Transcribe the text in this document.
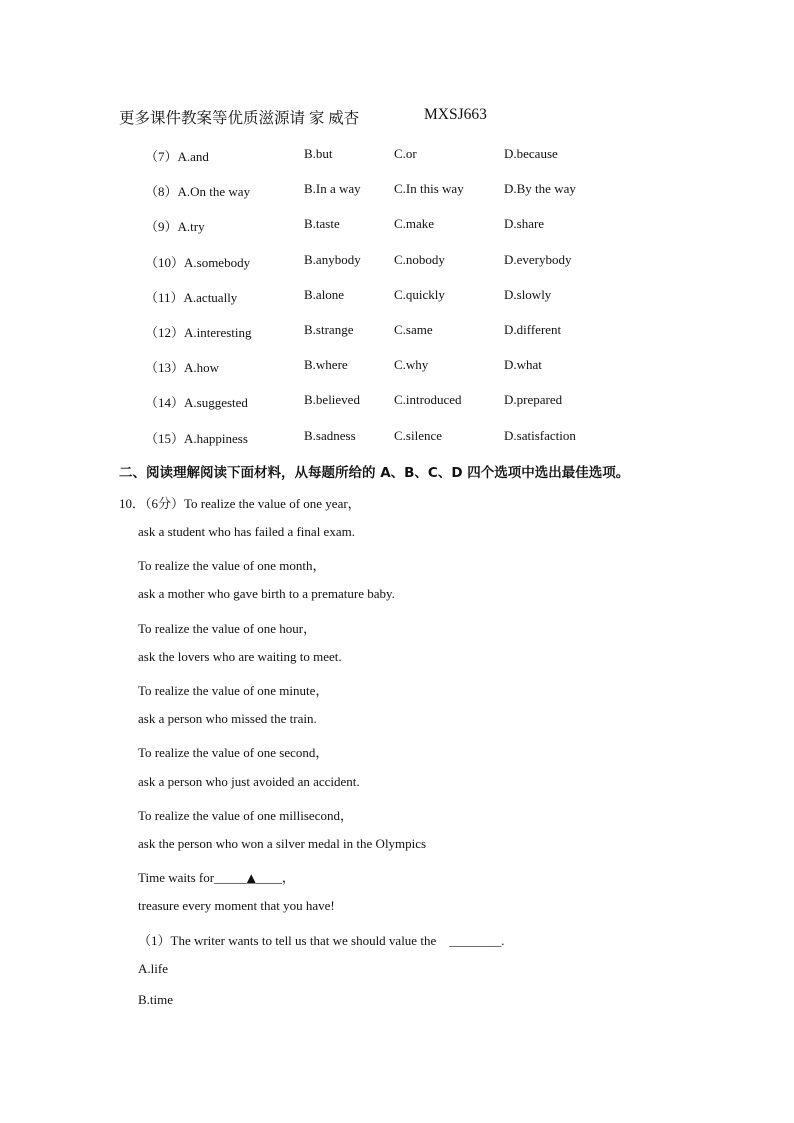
更多课件教案等优质滋源请 家 威杏	MXSJ663
（7）A.and	B.but	C.or	D.because
（8）A.On the way	B.In a way	C.In this way	D.By the way
（9）A.try	B.taste	C.make	D.share
（10）A.somebody	B.anybody	C.nobody	D.everybody
（11）A.actually	B.alone	C.quickly	D.slowly
（12）A.interesting	B.strange	C.same	D.different
（13）A.how	B.where	C.why	D.what
（14）A.suggested	B.believed	C.introduced	D.prepared
（15）A.happiness	B.sadness	C.silence	D.satisfaction
二、阅读理解阅读下面材料，从每题所给的 A、B、C、D 四个选项中选出最佳选项。
10．（6分）To realize the value of one year，
ask a student who has failed a final exam.
To realize the value of one month，
ask a mother who gave birth to a premature baby.
To realize the value of one hour，
ask the lovers who are waiting to meet.
To realize the value of one minute，
ask a person who missed the train.
To realize the value of one second，
ask a person who just avoided an accident.
To realize the value of one millisecond，
ask the person who won a silver medal in the Olympics
Time waits for_____▲____，
treasure every moment that you have!
（1）The writer wants to tell us that we should value the ________.
A.life
B.time
